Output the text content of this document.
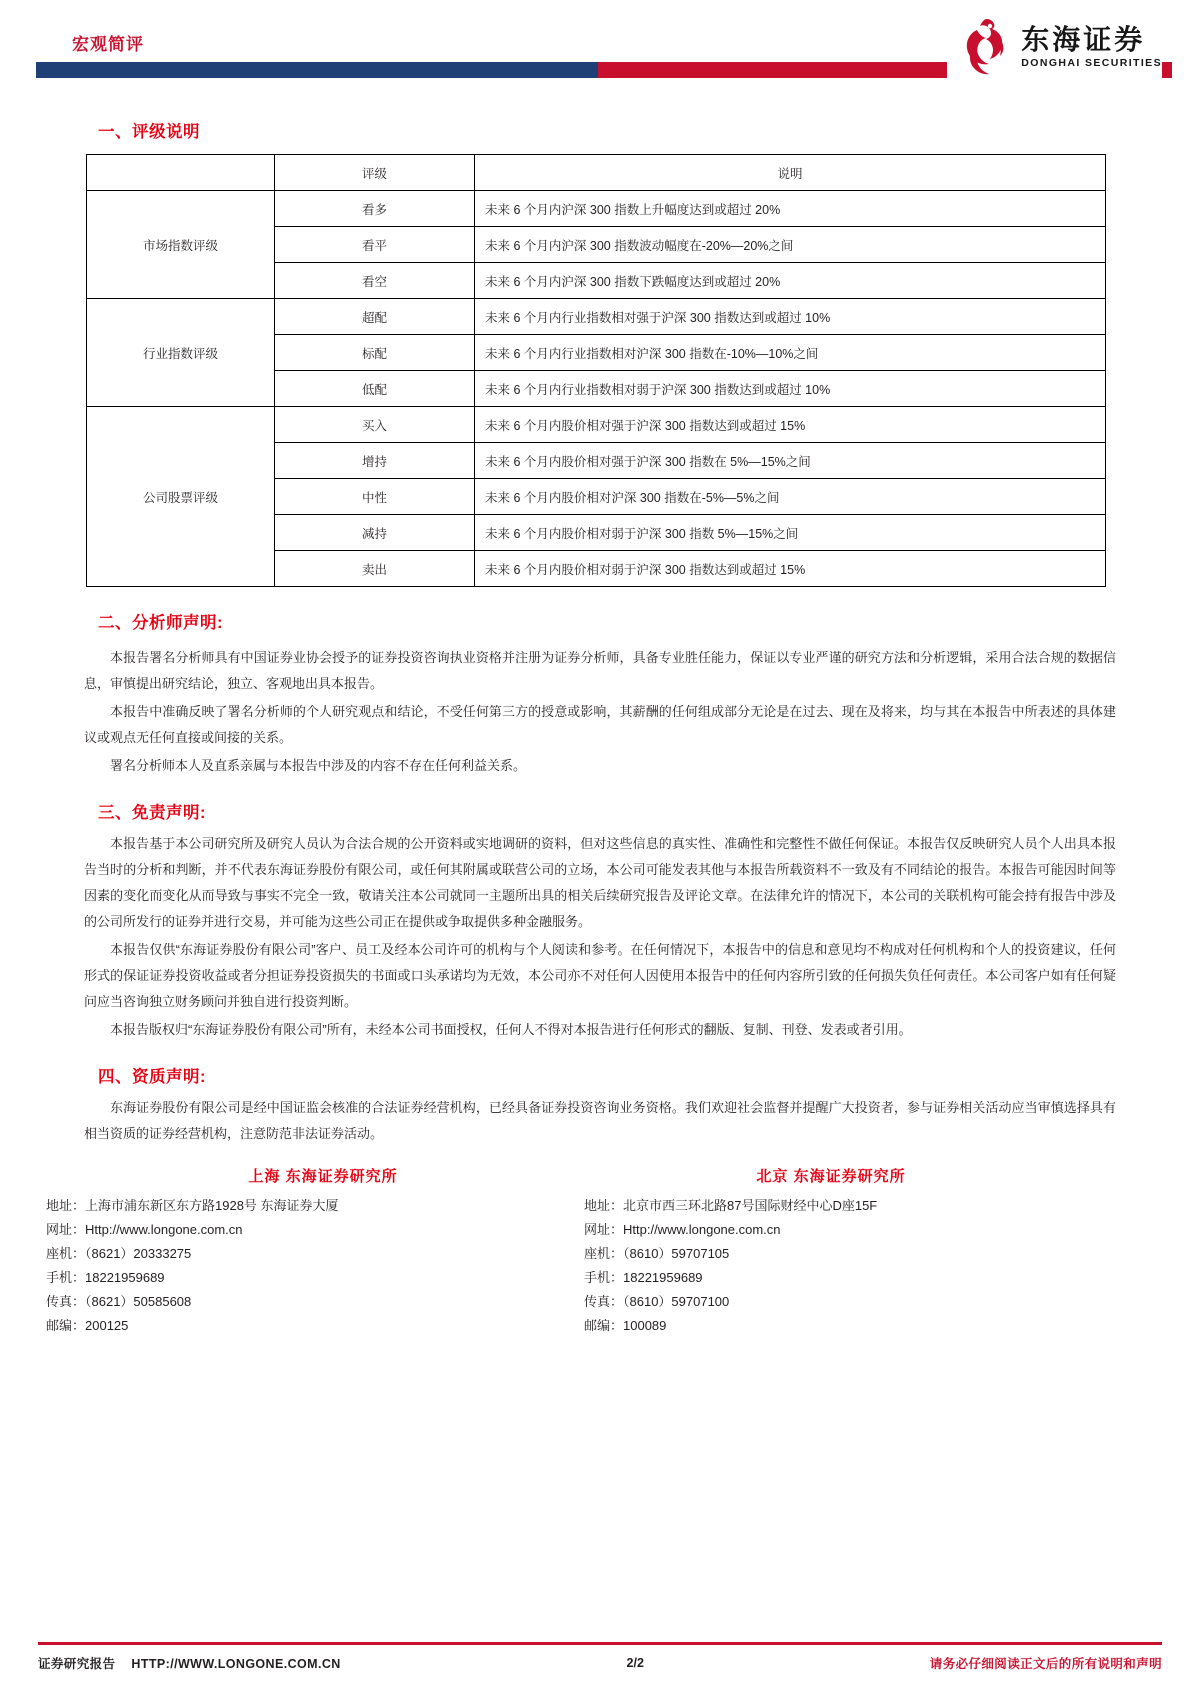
宏观简评	东海证券
DONGHAI SECURITIES
一、评级说明
	评级	说明
市场指数评级	看多	未来 6 个月内沪深 300 指数上升幅度达到或超过 20%
	看平	未来 6 个月内沪深 300 指数波动幅度在-20%—20%之间
	看空	未来 6 个月内沪深 300 指数下跌幅度达到或超过 20%
行业指数评级	超配	未来 6 个月内行业指数相对强于沪深 300 指数达到或超过 10%
	标配	未来 6 个月内行业指数相对沪深 300 指数在-10%—10%之间
	低配	未来 6 个月内行业指数相对弱于沪深 300 指数达到或超过 10%
公司股票评级	买入	未来 6 个月内股价相对强于沪深 300 指数达到或超过 15%
	增持	未来 6 个月内股价相对强于沪深 300 指数在 5%—15%之间
	中性	未来 6 个月内股价相对沪深 300 指数在-5%—5%之间
	减持	未来 6 个月内股价相对弱于沪深 300 指数 5%—15%之间
	卖出	未来 6 个月内股价相对弱于沪深 300 指数达到或超过 15%
二、分析师声明:

本报告署名分析师具有中国证券业协会授予的证券投资咨询执业资格并注册为证券分析师，具备专业胜任能力，保证以专业严谨的研究方法和分析逻辑，采用合法合规的数据信息，审慎提出研究结论，独立、客观地出具本报告。

本报告中准确反映了署名分析师的个人研究观点和结论，不受任何第三方的授意或影响，其薪酬的任何组成部分无论是在过去、现在及将来，均与其在本报告中所表述的具体建议或观点无任何直接或间接的关系。

署名分析师本人及直系亲属与本报告中涉及的内容不存在任何利益关系。

三、免责声明:

本报告基于本公司研究所及研究人员认为合法合规的公开资料或实地调研的资料，但对这些信息的真实性、准确性和完整性不做任何保证。本报告仅反映研究人员个人出具本报告当时的分析和判断，并不代表东海证券股份有限公司，或任何其附属或联营公司的立场，本公司可能发表其他与本报告所载资料不一致及有不同结论的报告。本报告可能因时间等因素的变化而变化从而导致与事实不完全一致，敬请关注本公司就同一主题所出具的相关后续研究报告及评论文章。在法律允许的情况下，本公司的关联机构可能会持有报告中涉及的公司所发行的证券并进行交易，并可能为这些公司正在提供或争取提供多种金融服务。

本报告仅供“东海证券股份有限公司”客户、员工及经本公司许可的机构与个人阅读和参考。在任何情况下，本报告中的信息和意见均不构成对任何机构和个人的投资建议，任何形式的保证证券投资收益或者分担证券投资损失的书面或口头承诺均为无效，本公司亦不对任何人因使用本报告中的任何内容所引致的任何损失负任何责任。本公司客户如有任何疑问应当咨询独立财务顾问并独自进行投资判断。

本报告版权归“东海证券股份有限公司”所有，未经本公司书面授权，任何人不得对本报告进行任何形式的翻版、复制、刊登、发表或者引用。

四、资质声明:

东海证券股份有限公司是经中国证监会核准的合法证券经营机构，已经具备证券投资咨询业务资格。我们欢迎社会监督并提醒广大投资者，参与证券相关活动应当审慎选择具有相当资质的证券经营机构，注意防范非法证券活动。

上海 东海证券研究所
地址：上海市浦东新区东方路1928号 东海证券大厦
网址：Http://www.longone.com.cn
座机：（8621）20333275
手机：18221959689
传真：（8621）50585608
邮编：200125
北京 东海证券研究所
地址：北京市西三环北路87号国际财经中心D座15F
网址：Http://www.longone.com.cn
座机：（8610）59707105
手机：18221959689
传真：（8610）59707100
邮编：100089
证券研究报告 HTTP://WWW.LONGONE.COM.CN	2/2	请务必仔细阅读正文后的所有说明和声明
